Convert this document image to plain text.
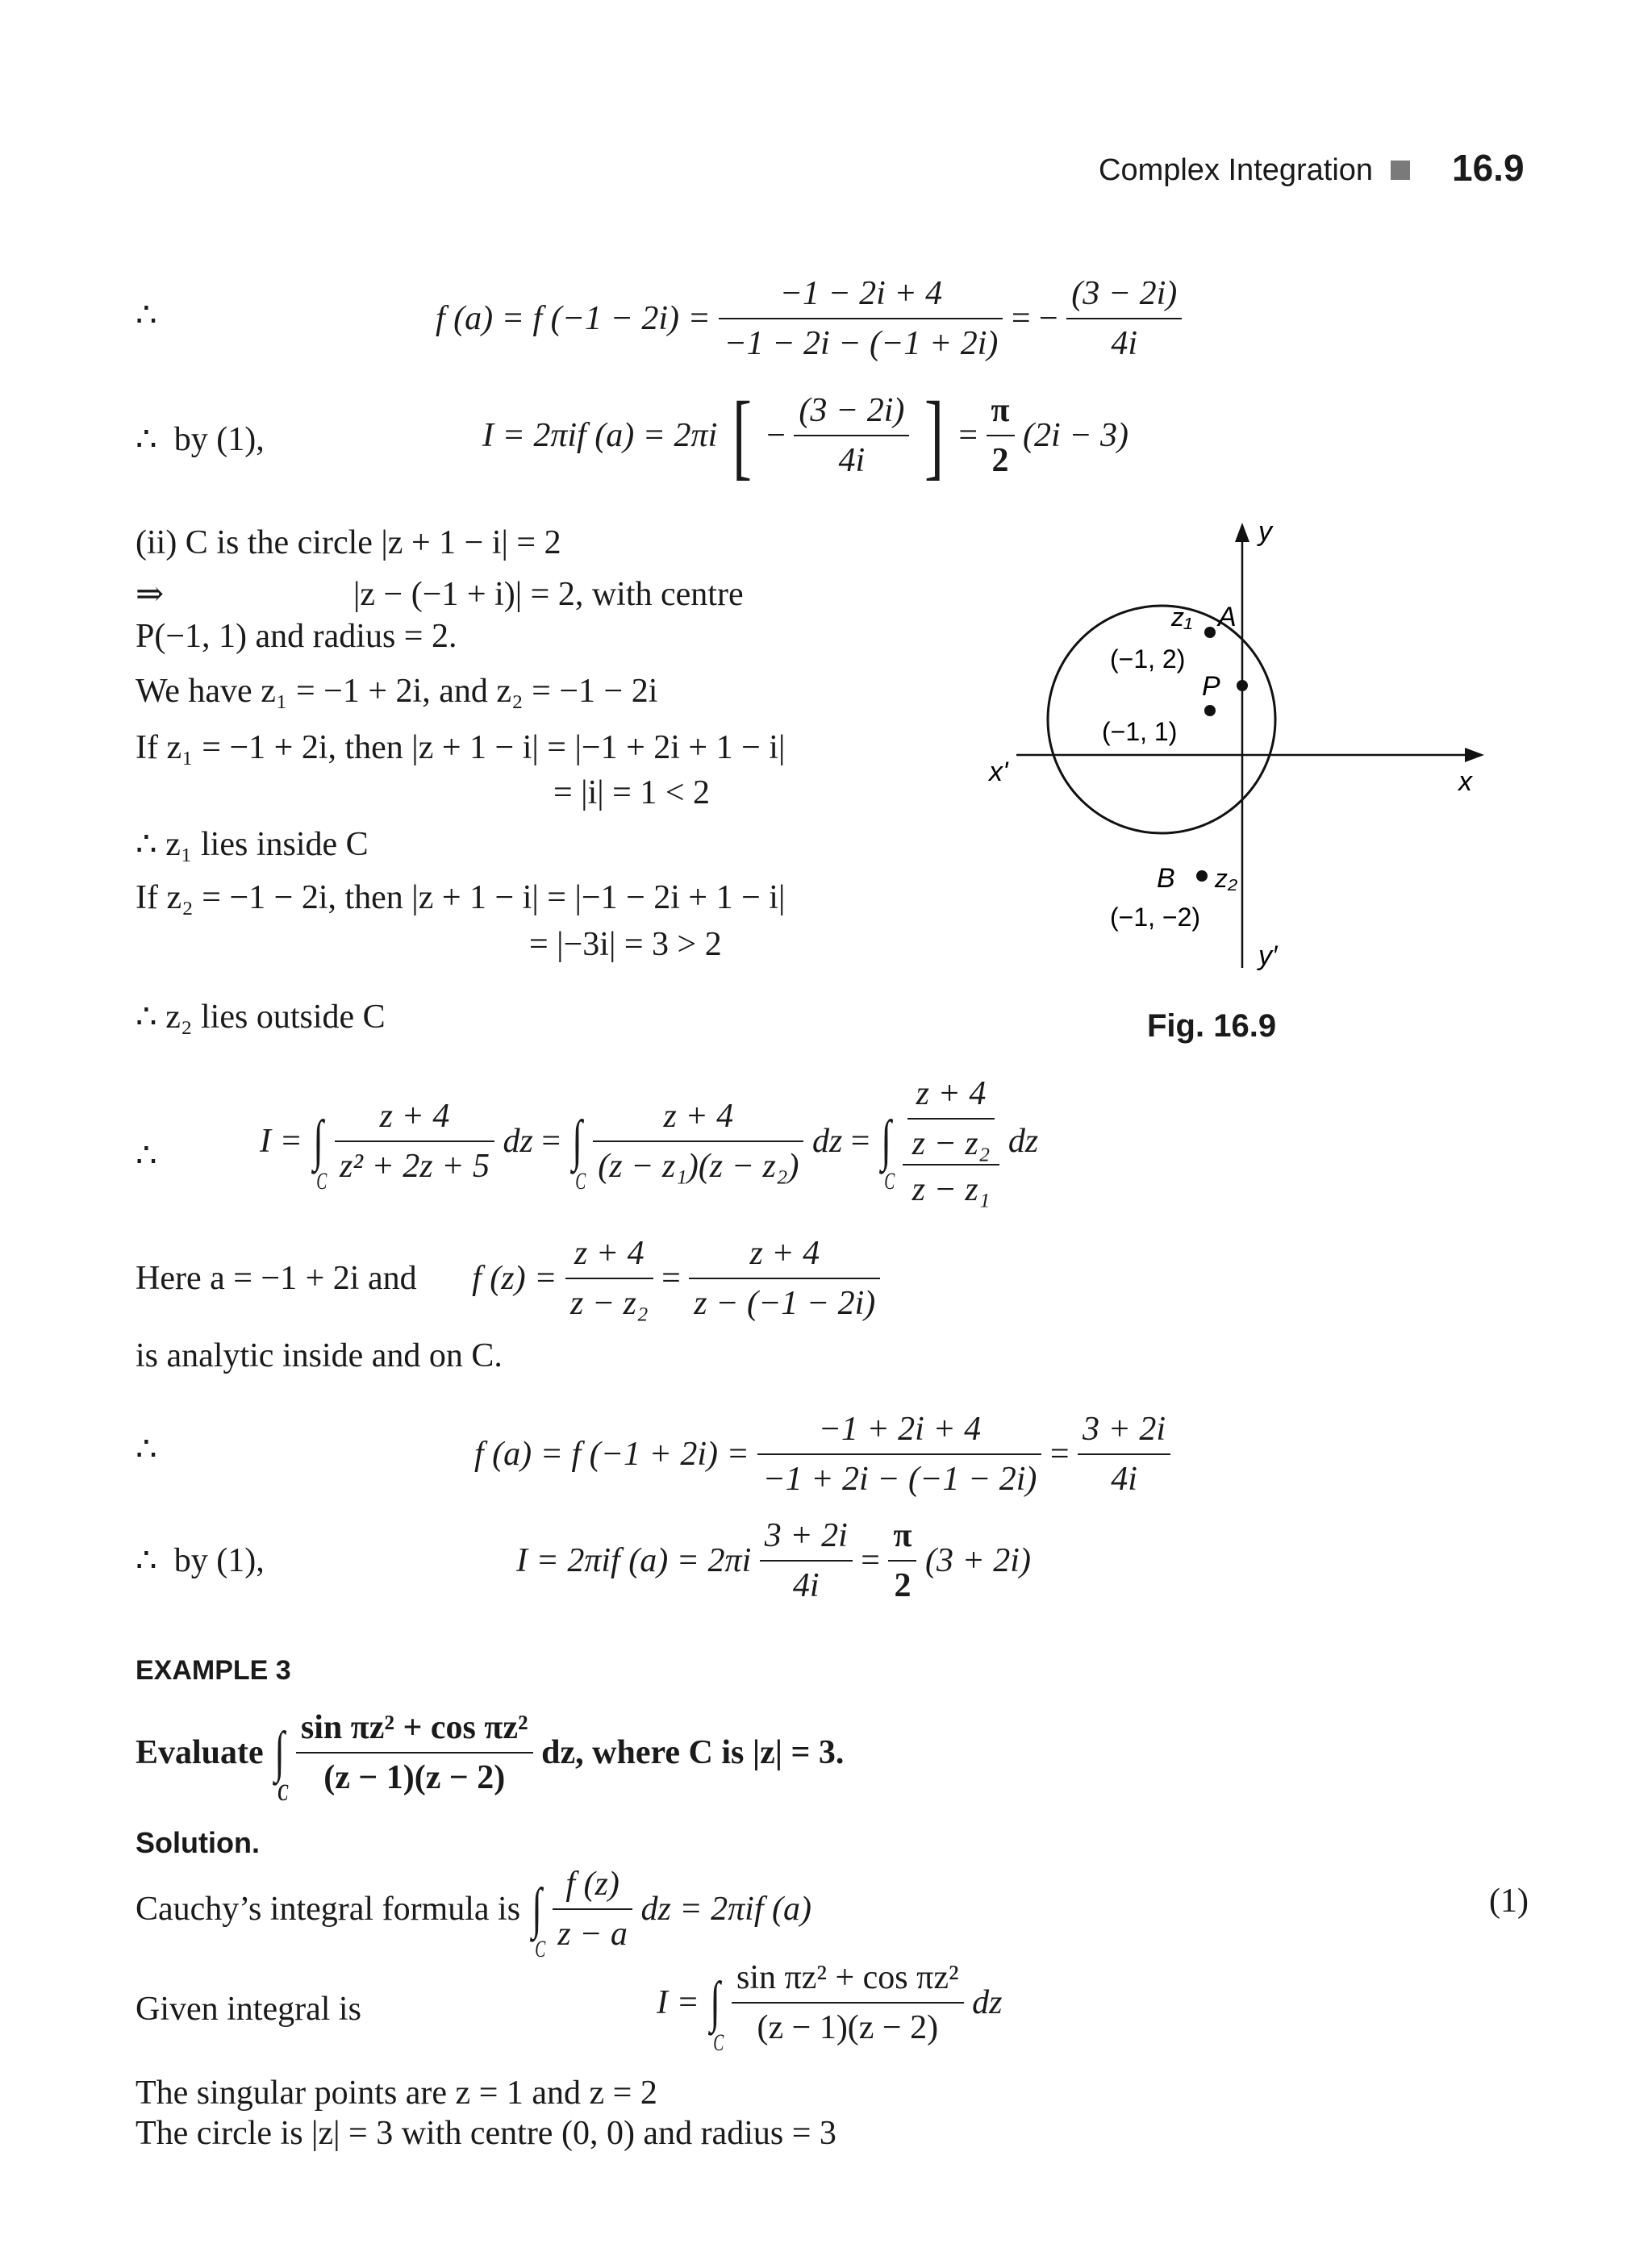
Complex Integration 16.9
∴	f (a) = f $(-1 - 2i) = \frac{-1 - 2i + 4}{-1 - 2i - (-1 + 2i)}$ = − $\frac{(3 - 2i)}{4i}$
∴ by (1),	I = 2πif (a) = 2πi [ − $\frac{(3 - 2i)}{4i}$ ] = $\frac{\pi}{2} (2i - 3)$
(ii) C is the circle |z + 1 − i| = 2
⇒	|z − (−1 + i)| = 2, with centre
P(−1, 1) and radius = 2.
We have z₁ = −1 + 2i, and z₂ = −1 − 2i
If z₁ = −1 + 2i, then |z + 1 − i| = |−1 + 2i + 1 − i|
= |i| = 1 < 2
∴ z₁ lies inside C
If z₂ = −1 − 2i, then |z + 1 − i| = |−1 − 2i + 1 − i|
= |−3i| = 3 > 2
∴ z₂ lies outside C
y
y′
x
x'
z₁ A
(−1, 2)
P
(−1, 1)
B z₂
(−1, −2)
Fig. 16.9
∴	I = ∫
C
$\frac{z + 4}{\text{z² + 2z + 5}}$ dz = ∫
C
$\frac{z + 4}{\text{(z − z₁)(z − z₂)}}$ dz = ∫
C
$\frac{\frac{z + 4}{\text{z − z₂}}}{\text{z − z₁}}$ dz
Here a = −1 + 2i and f $(z) = \frac{z + 4}{\text{z − z₂}} = \frac{z + 4}{z - (-1 - 2i)}$
is analytic inside and on C.
∴	f (a) = f $(-1 + 2i) = \frac{-1 + 2i + 4}{-1 + 2i - (-1 - 2i)} = \frac{3 + 2i}{4i}$
∴ by (1),	I = 2πif $(a) = 2\pi i \frac{3 + 2i}{4i} = \frac{\pi}{2} (3 + 2i)$
EXAMPLE 3
Evaluate ∫
C
$\frac{\text{sin πz² + cos πz²}}{(z - 1)(z - 2)}$ dz, where C is |z| = 3.
Solution.
Cauchy’s integral formula is ∫
C
$\frac{f (z)}{z - a}$ dz = 2πif (a)	(1)
Given integral is	I = ∫
C
$\frac{\text{sin πz² + cos πz²}}{(z - 1)(z - 2)}$ dz
The singular points are z = 1 and z = 2
The circle is |z| = 3 with centre (0, 0) and radius = 3
